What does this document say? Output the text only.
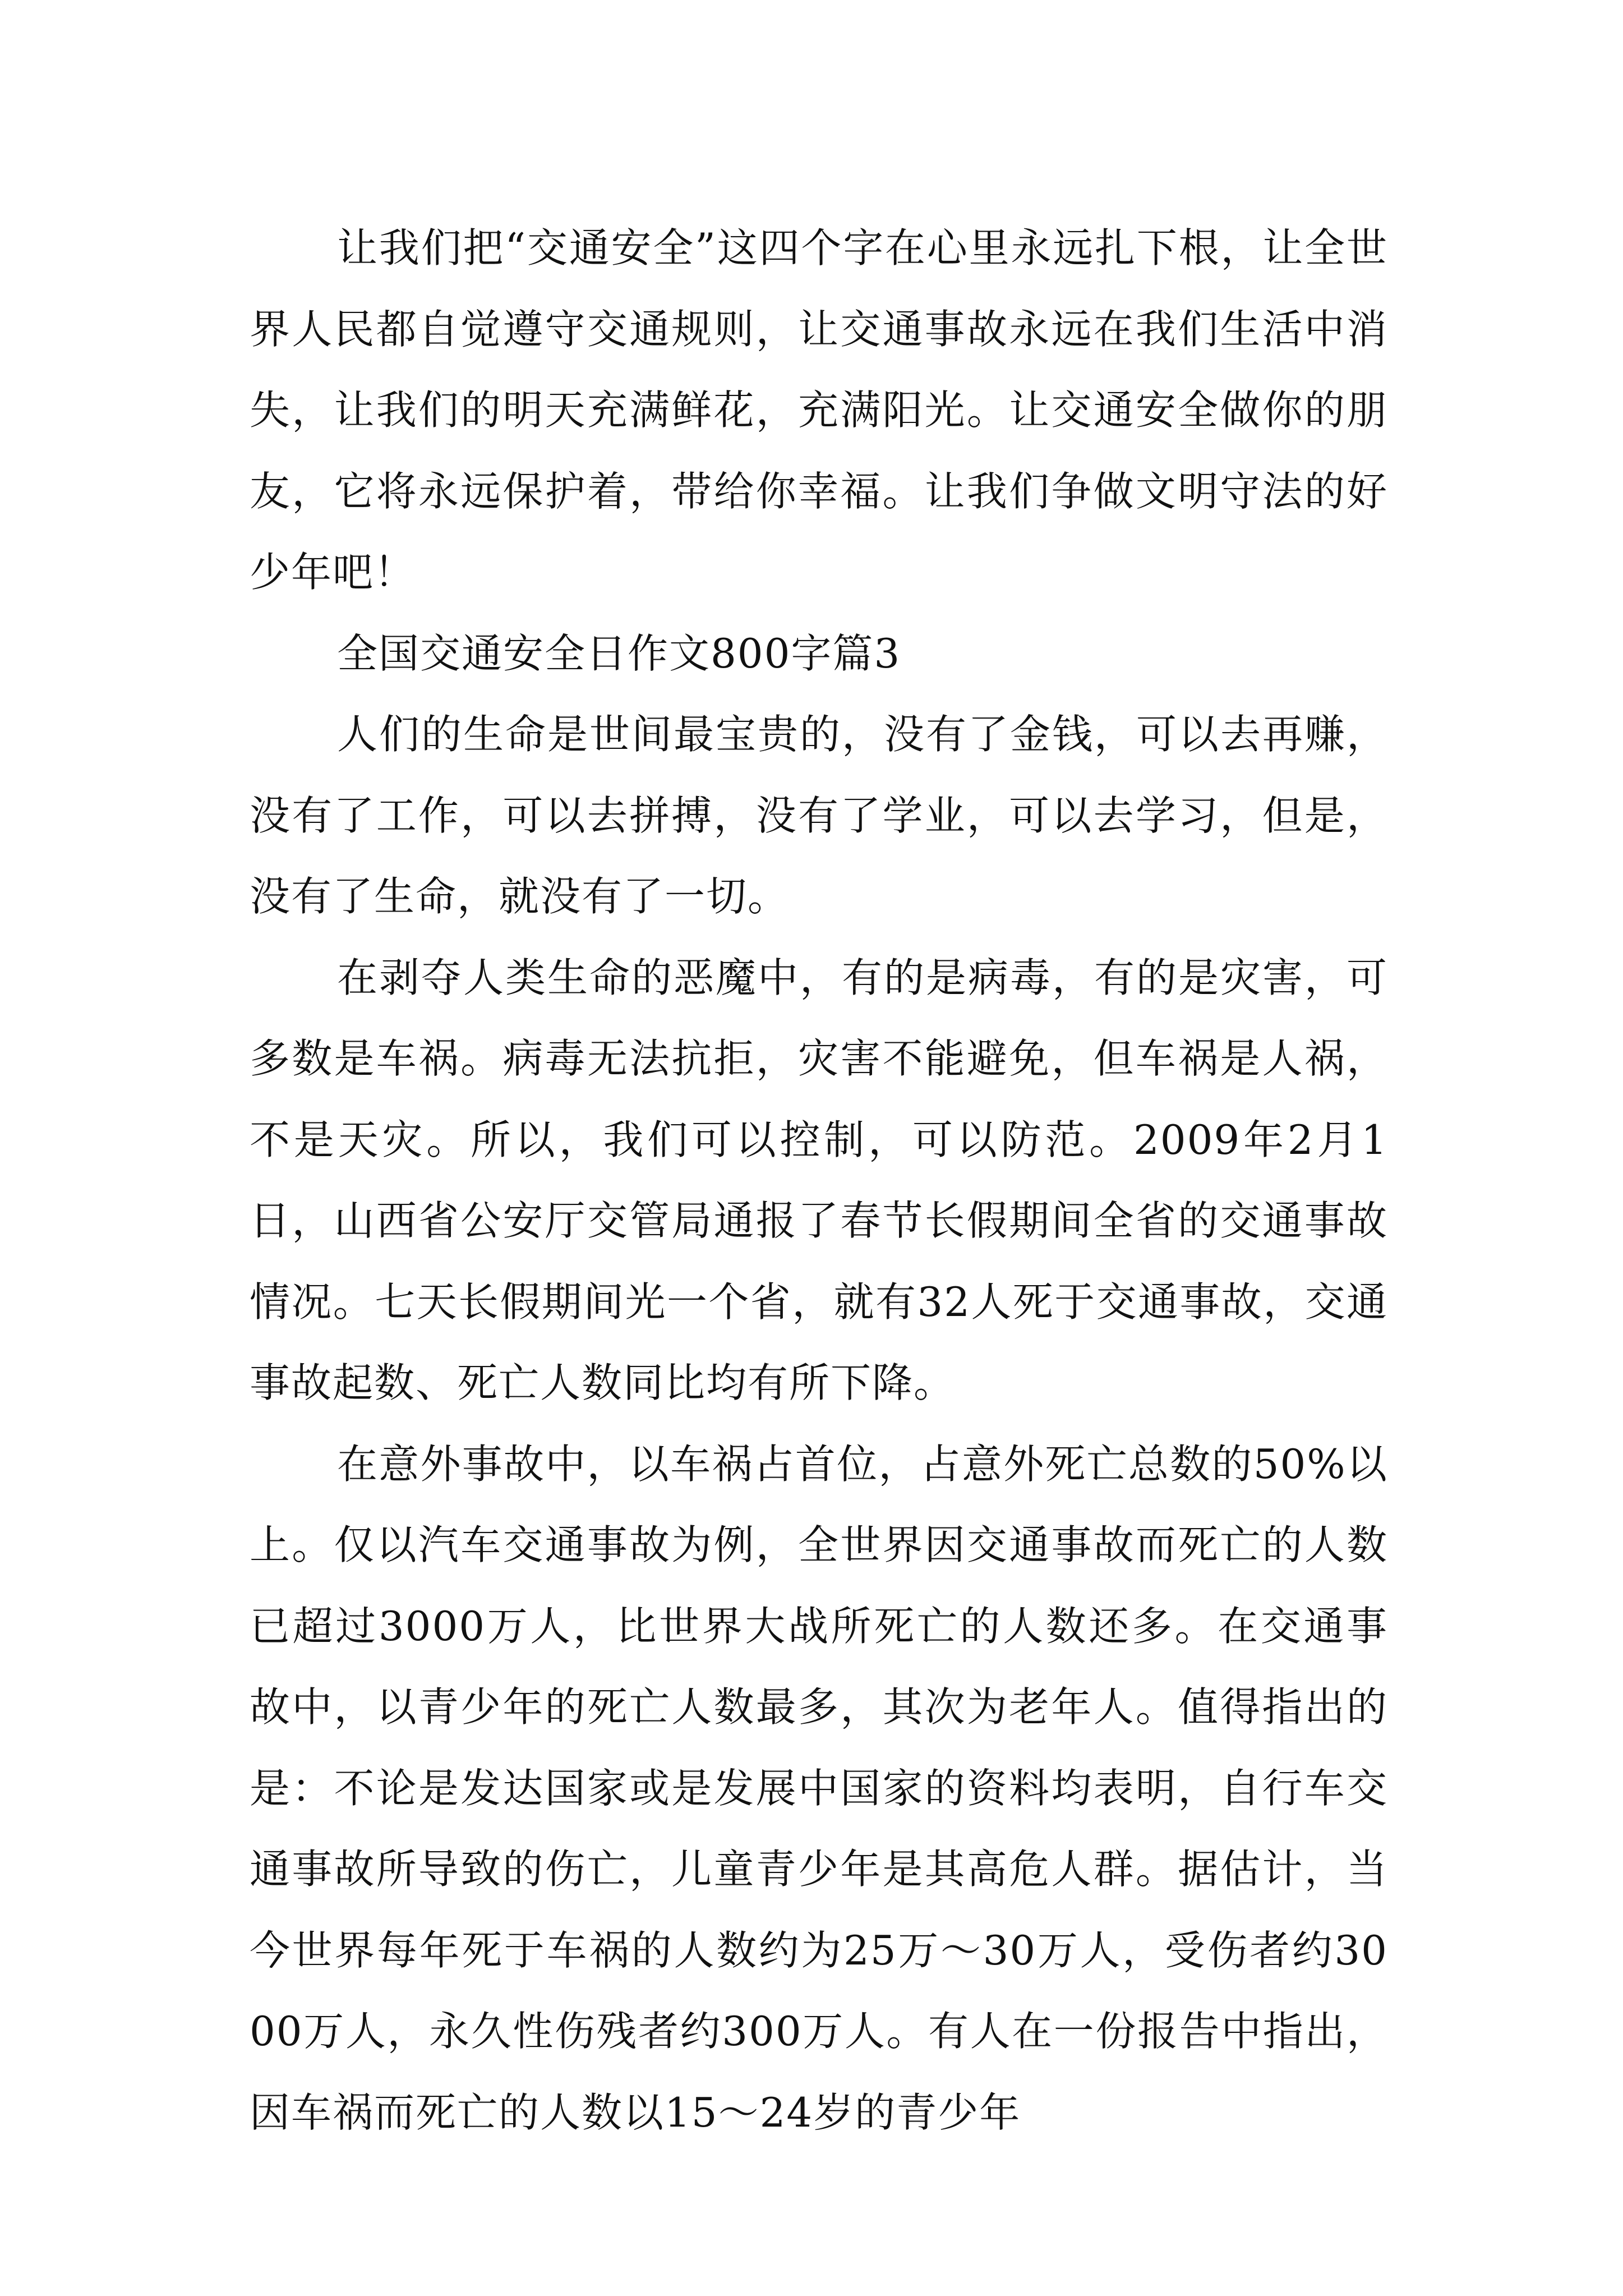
让我们把“交通安全”这四个字在心里永远扎下根，让全世界人民都自觉遵守交通规则，让交通事故永远在我们生活中消失，让我们的明天充满鲜花，充满阳光。让交通安全做你的朋友，它将永远保护着，带给你幸福。让我们争做文明守法的好少年吧！

全国交通安全日作文800字篇3

人们的生命是世间最宝贵的，没有了金钱，可以去再赚，没有了工作，可以去拼搏，没有了学业，可以去学习，但是，没有了生命，就没有了一切。

在剥夺人类生命的恶魔中，有的是病毒，有的是灾害，可多数是车祸。病毒无法抗拒，灾害不能避免，但车祸是人祸，不是天灾。所以，我们可以控制，可以防范。2009年2月1日，山西省公安厅交管局通报了春节长假期间全省的交通事故情况。七天长假期间光一个省，就有32人死于交通事故，交通事故起数、死亡人数同比均有所下降。

在意外事故中，以车祸占首位，占意外死亡总数的50%以上。仅以汽车交通事故为例，全世界因交通事故而死亡的人数已超过3000万人，比世界大战所死亡的人数还多。在交通事故中，以青少年的死亡人数最多，其次为老年人。值得指出的是：不论是发达国家或是发展中国家的资料均表明，自行车交通事故所导致的伤亡，儿童青少年是其高危人群。据估计，当今世界每年死于车祸的人数约为25万～30万人，受伤者约3000万人，永久性伤残者约300万人。有人在一份报告中指出，因车祸而死亡的人数以15～24岁的青少年
